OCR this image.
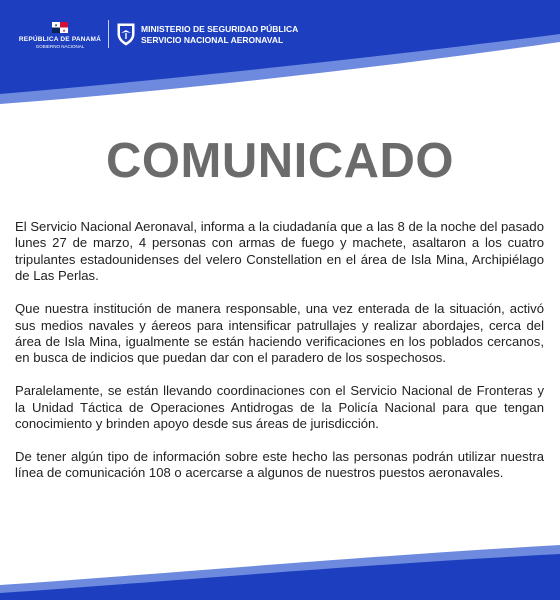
★
★
REPÚBLICA DE PANAMÁ
GOBIERNO NACIONAL
MINISTERIO DE SEGURIDAD PÚBLICA
SERVICIO NACIONAL AERONAVAL
COMUNICADO

El Servicio Nacional Aeronaval, informa a la ciudadanía que a las 8 de la noche del pasado lunes 27 de marzo, 4 personas con armas de fuego y machete, asaltaron a los cuatro tripulantes estadounidenses del velero Constellation en el área de Isla Mina, Archipiélago de Las Perlas.

Que nuestra institución de manera responsable, una vez enterada de la situación, activó sus medios navales y áereos para intensificar patrullajes y realizar abordajes, cerca del área de Isla Mina, igualmente se están haciendo verificaciones en los poblados cercanos, en busca de indicios que puedan dar con el paradero de los sospechosos.

Paralelamente, se están llevando coordinaciones con el Servicio Nacional de Fronteras y la Unidad Táctica de Operaciones Antidrogas de la Policía Nacional para que tengan conocimiento y brinden apoyo desde sus áreas de jurisdicción.

De tener algún tipo de información sobre este hecho las personas podrán utilizar nuestra línea de comunicación 108 o acercarse a algunos de nuestros puestos aeronavales.
